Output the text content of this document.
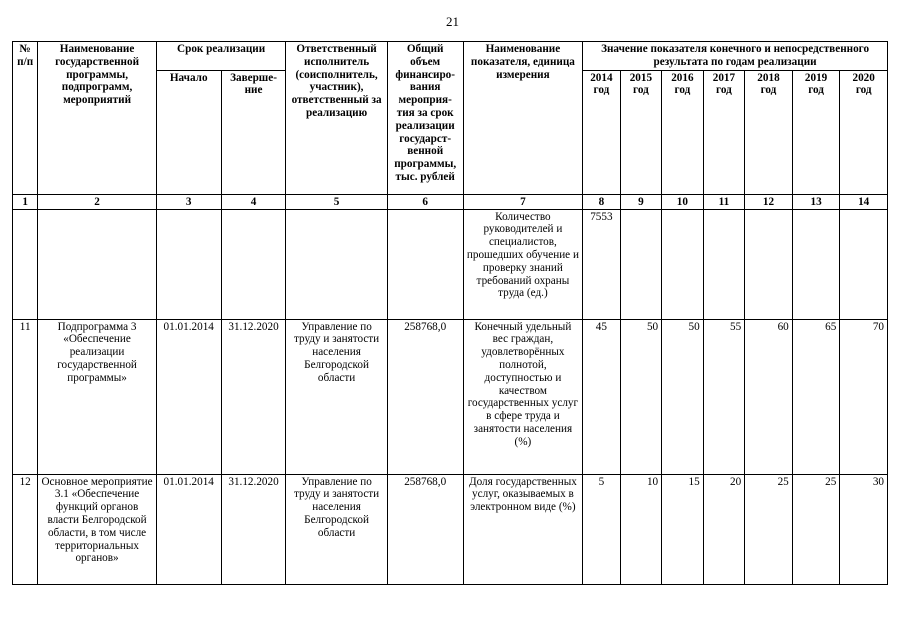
21
№ п/п	Наименование государственной программы, подпрограмм, мероприятий	Срок реализации		Ответственный исполнитель (соисполнитель, участник), ответственный за реализацию	Общий объем финансиро-вания мероприя-тия за срок реализации государст-венной программы, тыс. рублей	Наименование показателя, единица измерения	Значение показателя конечного и непосредственного результата по годам реализации						
		Начало	Заверше-ние				2014 год	2015 год	2016 год	2017 год	2018 год	2019 год	2020 год
1	2	3	4	5	6	7	8	9	10	11	12	13	14
						Количество руководителей и специалистов, прошедших обучение и проверку знаний требований охраны труда (ед.)	7553						
11	Подпрограмма 3 «Обеспечение реализации государственной программы»	01.01.2014	31.12.2020	Управление по труду и занятости населения Белгородской области	258768,0	Конечный удельный вес граждан, удовлетворённых полнотой, доступностью и качеством государственных услуг в сфере труда и занятости населения (%)	45	50	50	55	60	65	70
12	Основное мероприятие 3.1 «Обеспечение функций органов власти Белгородской области, в том числе территориальных органов»	01.01.2014	31.12.2020	Управление по труду и занятости населения Белгородской области	258768,0	Доля государственных услуг, оказываемых в электронном виде (%)	5	10	15	20	25	25	30
